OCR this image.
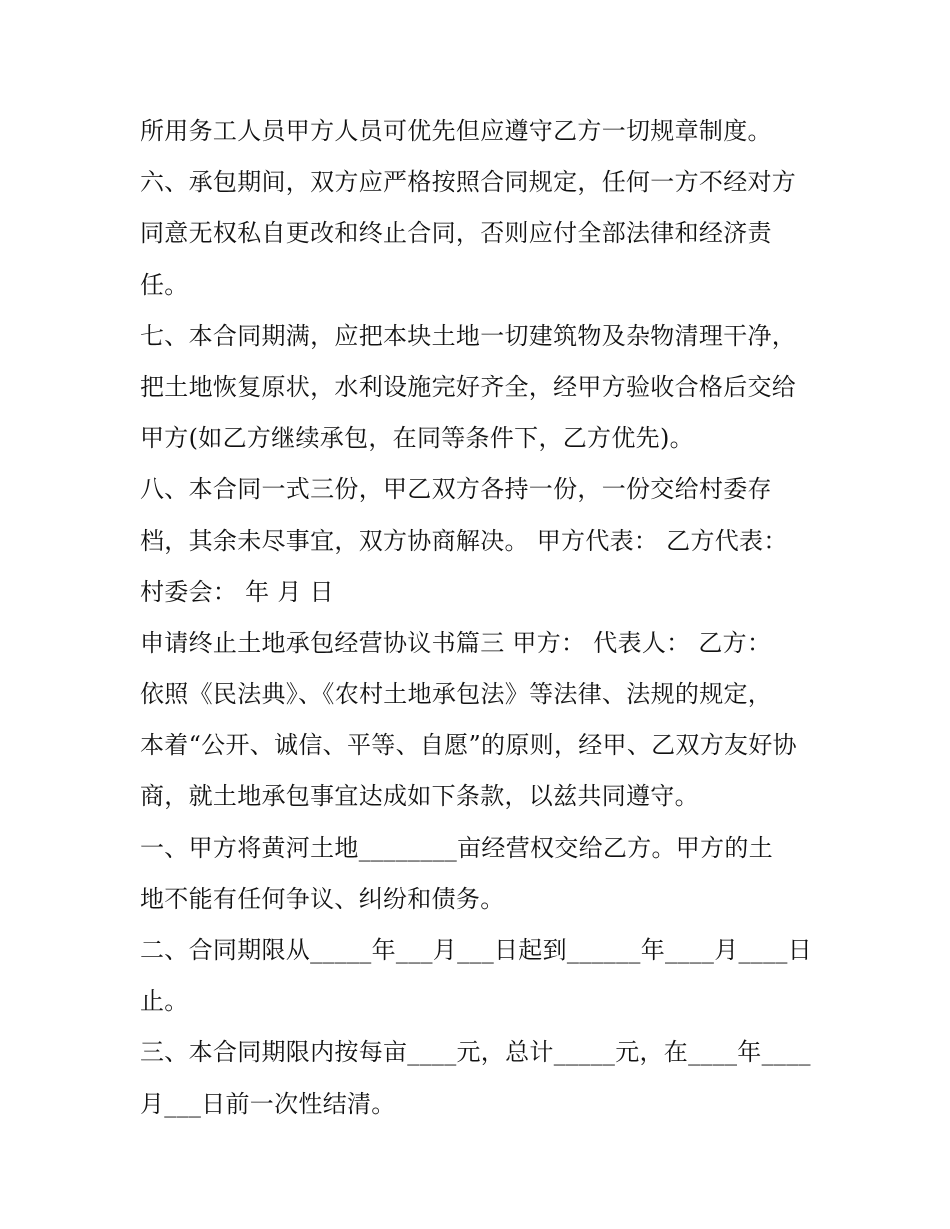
所用务工人员甲方人员可优先但应遵守乙方一切规章制度。
六、承包期间，双方应严格按照合同规定，任何一方不经对方
同意无权私自更改和终止合同，否则应付全部法律和经济责
任。
七、本合同期满，应把本块土地一切建筑物及杂物清理干净，
把土地恢复原状，水利设施完好齐全，经甲方验收合格后交给
甲方(如乙方继续承包，在同等条件下，乙方优先)。
八、本合同一式三份，甲乙双方各持一份，一份交给村委存
档，其余未尽事宜，双方协商解决。 甲方代表： 乙方代表：
村委会： 年 月 日
申请终止土地承包经营协议书篇三 甲方： 代表人： 乙方：
依照《民法典》、《农村土地承包法》等法律、法规的规定，
本着“公开、诚信、平等、自愿”的原则，经甲、乙双方友好协
商，就土地承包事宜达成如下条款，以兹共同遵守。
一、甲方将黄河土地________亩经营权交给乙方。甲方的土
地不能有任何争议、纠纷和债务。
二、合同期限从_____年___月___日起到______年____月____日
止。
三、本合同期限内按每亩____元，总计_____元，在____年____
月___日前一次性结清。
